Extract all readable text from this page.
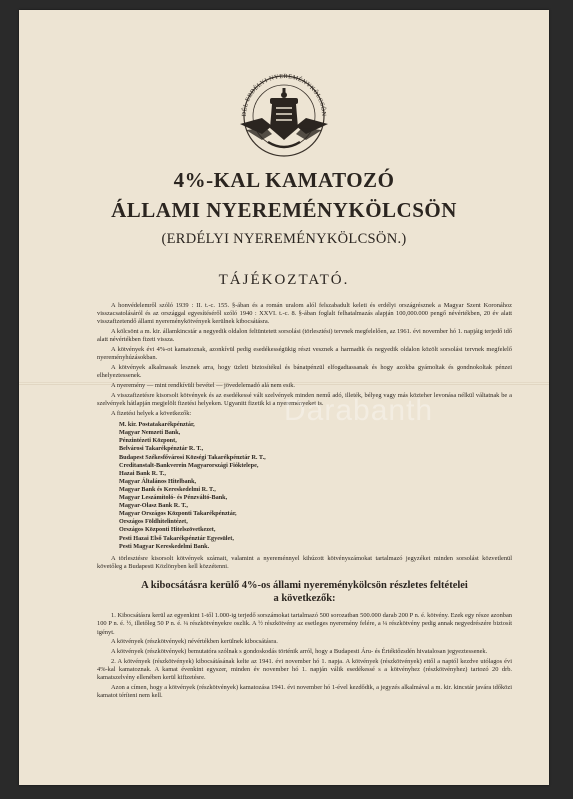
DÉL ERDÉLYI NYEREMÉNYKÖLCSÖN
4%-KAL KAMATOZÓ
ÁLLAMI NYEREMÉNYKÖLCSÖN
(ERDÉLYI NYEREMÉNYKÖLCSÖN.)
TÁJÉKOZTATÓ.

A honvédelemről szóló 1939 : II. t.-c. 155. §-ában és a román uralom alól felszabadult keleti és erdélyi országrésznek a Magyar Szent Koronához visszacsatolásáról és az országgal egyesítéséről szóló 1940 : XXVI. t.-c. 8. §-ában foglalt felhatalmazás alapján 100,000.000 pengő névértékben, 20 év alatt visszafizetendő állami nyereménykötvények kerülnek kibocsátásra.

A kölcsönt a m. kir. államkincstár a negyedik oldalon feltüntetett sorsolási (törlesztési) tervnek megfelelően, az 1961. évi november hó 1. napjáig terjedő idő alatt névértékben fizeti vissza.

A kötvények évi 4%-ot kamatoznak, azonkívül pedig esedékességükig részt vesznek a harmadik és negyedik oldalon közölt sorsolási tervnek megfelelő nyereményhúzásokban.

A kötvények alkalmasak lesznek arra, hogy üzleti biztosítékul és bánatpénzül elfogadtassanak és hogy azokba gyámoltak és gondnokoltak pénzei elhelyeztessenek.

A nyeremény — mint rendkívüli bevétel — jövedelemadó alá nem esik.

A visszafizetésre kisorsolt kötvények és az esedékessé vált szelvények minden nemű adó, illeték, bélyeg vagy más közteher levonása nélkül váltatnak be a szelvények hátlapján megjelölt fizetési helyeken. Ugyanitt fizetik ki a nyereményeket is.

A fizetési helyek a következők:

M. kir. Postatakarékpénztár,
Magyar Nemzeti Bank,
Pénzintézeti Központ,
Belvárosi Takarékpénztár R. T.,
Budapest Székesfővárosi Községi Takarékpénztár R. T.,
Creditanstalt-Bankverein Magyarországi Fióktelepe,
Hazai Bank R. T.,
Magyar Általános Hitelbank,
Magyar Bank és Kereskedelmi R. T.,
Magyar Leszámítoló- és Pénzváltó-Bank,
Magyar-Olasz Bank R. T.,
Magyar Országos Központi Takarékpénztár,
Országos Földhitelintézet,
Országos Központi Hitelszövetkezet,
Pesti Hazai Első Takarékpénztár Egyesület,
Pesti Magyar Kereskedelmi Bank.

A törlesztésre kisorsolt kötvények számait, valamint a nyereménnyel kihúzott kötvényszámokat tartalmazó jegyzéket minden sorsolást közvetlenül követőleg a Budapesti Közlönyben kell közzétenni.

A kibocsátásra kerülő 4%-os állami nyereménykölcsön részletes feltételei
a következők:

1. Kibocsátásra kerül az egyenkint 1-től 1.000-ig terjedő sorszámokat tartalmazó 500 sorozatban 500.000 darab 200 P n. é. kötvény. Ezek egy része azonban 100 P n. é. ½, illetőleg 50 P n. é. ¼ részkötvényekre oszlik. A ½ részkötvény az esetleges nyeremény felére, a ¼ részkötvény pedig annak negyedrészére biztosít igényt.

A kötvények (részkötvények) névértékben kerülnek kibocsátásra.

A kötvények (részkötvények) bemutatóra szólnak s gondoskodás történik arról, hogy a Budapesti Áru- és Értéktőzsdén hivatalosan jegyeztessenek.

2. A kötvények (részkötvények) kibocsátásának kelte az 1941. évi november hó 1. napja. A kötvények (részkötvények) ettől a naptól kezdve utólagos évi 4%-kal kamatoznak. A kamat évenkint egyszer, minden év november hó 1. napján válik esedékessé s a kötvényhez (részkötvényhez) tartozó 20 drb. kamatszelvény ellenében kerül kifizetésre.

Azon a címen, hogy a kötvények (részkötvények) kamatozása 1941. évi november hó 1-ével kezdődik, a jegyzés alkalmával a m. kir. kincstár javára időközi kamatot téríteni nem kell.

Darabanth
